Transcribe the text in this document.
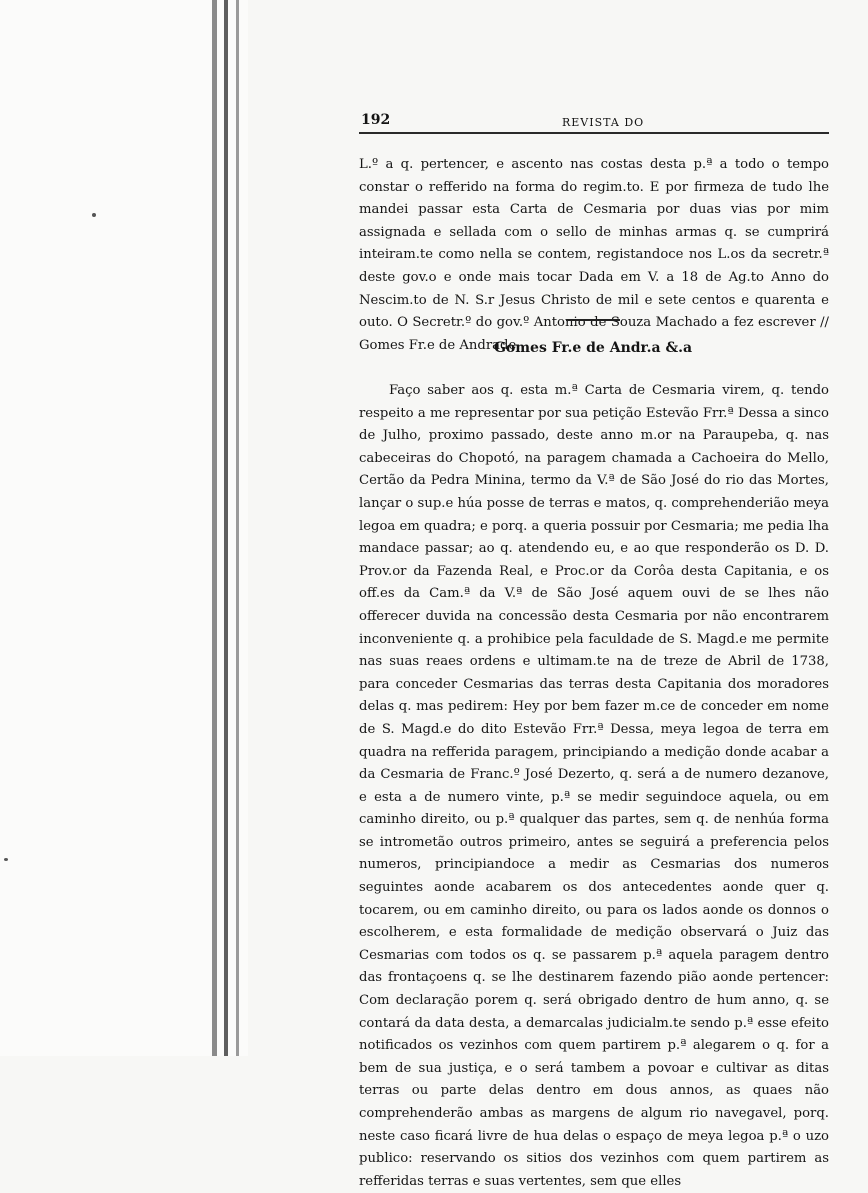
192	REVISTA DO
L.º a q. pertencer, e ascento nas costas desta p.ª a todo o tempo constar o refferido na forma do regim.to. E por firmeza de tudo lhe mandei passar esta Carta de Cesmaria por duas vias por mim assignada e sellada com o sello de minhas armas q. se cumprirá inteiram.te como nella se contem, registandoce nos L.os da secretr.ª deste gov.o e onde mais tocar Dada em V. a 18 de Ag.to Anno do Nescim.to de N. S.r Jesus Christo de mil e sete centos e quarenta e outo. O Secretr.º do gov.º Antonio de Souza Machado a fez escrever // Gomes Fr.e de Andrade.
Gomes Fr.e de Andr.a &.a
Faço saber aos q. esta m.ª Carta de Cesmaria virem, q. tendo respeito a me representar por sua petição Estevão Frr.ª Dessa a sinco de Julho, proximo passado, deste anno m.or na Paraupeba, q. nas cabeceiras do Chopotó, na paragem chamada a Cachoeira do Mello, Certão da Pedra Minina, termo da V.ª de São José do rio das Mortes, lançar o sup.e húa posse de terras e matos, q. comprehenderião meya legoa em quadra; e porq. a queria possuir por Cesmaria; me pedia lha mandace passar; ao q. atendendo eu, e ao que responderão os D. D. Prov.or da Fazenda Real, e Proc.or da Corôa desta Capitania, e os off.es da Cam.ª da V.ª de São José aquem ouvi de se lhes não offerecer duvida na concessão desta Cesmaria por não encontrarem inconveniente q. a prohibice pela faculdade de S. Magd.e me permite nas suas reaes ordens e ultimam.te na de treze de Abril de 1738, para conceder Cesmarias das terras desta Capitania dos moradores delas q. mas pedirem: Hey por bem fazer m.ce de conceder em nome de S. Magd.e do dito Estevão Frr.ª Dessa, meya legoa de terra em quadra na refferida paragem, principiando a medição donde acabar a da Cesmaria de Franc.º José Dezerto, q. será a de numero dezanove, e esta a de numero vinte, p.ª se medir seguindoce aquela, ou em caminho direito, ou p.ª qualquer das partes, sem q. de nenhúa forma se intrometão outros primeiro, antes se seguirá a preferencia pelos numeros, principiandoce a medir as Cesmarias dos numeros seguintes aonde acabarem os dos antecedentes aonde quer q. tocarem, ou em caminho direito, ou para os lados aonde os donnos o escolherem, e esta formalidade de medição observará o Juiz das Cesmarias com todos os q. se passarem p.ª aquela paragem dentro das frontaçoens q. se lhe destinarem fazendo pião aonde pertencer: Com declaração porem q. será obrigado dentro de hum anno, q. se contará da data desta, a demarcalas judicialm.te sendo p.ª esse efeito notificados os vezinhos com quem partirem p.ª alegarem o q. for a bem de sua justiça, e o será tambem a povoar e cultivar as ditas terras ou parte delas dentro em dous annos, as quaes não comprehenderão ambas as margens de algum rio navegavel, porq. neste caso ficará livre de hua delas o espaço de meya legoa p.ª o uzo publico: reservando os sitios dos vezinhos com quem partirem as refferidas terras e suas vertentes, sem que elles
